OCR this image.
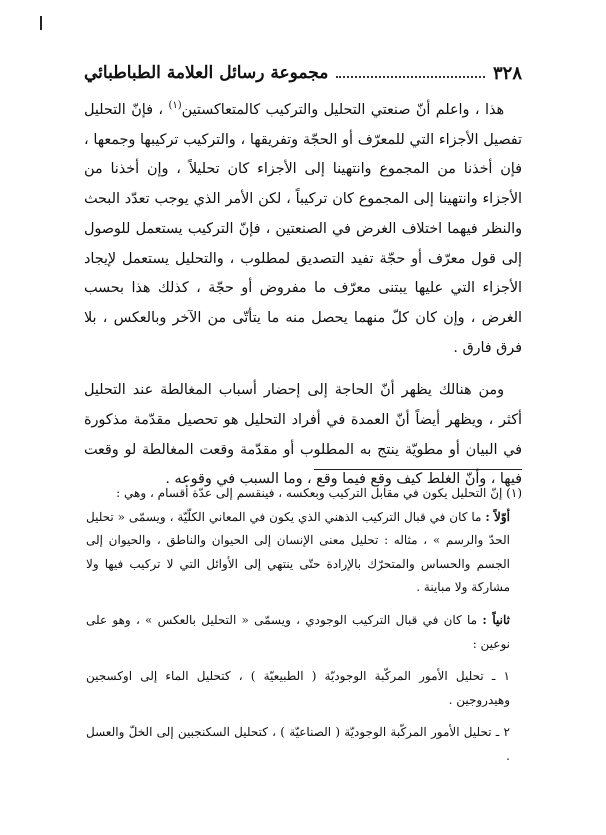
٣٢٨
مجموعة رسائل العلامة الطباطبائي

هذا ، واعلم أنّ صنعتي التحليل والتركيب كالمتعاكستين$^{(١)}$ ، فإنّ التحليل تفصيل الأجزاء التي للمعرّف أو الحجّة وتفريقها ، والتركيب تركيبها وجمعها ، فإن أخذنا من المجموع وانتهينا إلى الأجزاء كان تحليلاً ، وإن أخذنا من الأجزاء وانتهينا إلى المجموع كان تركيباً ، لكن الأمر الذي يوجب تعدّد البحث والنظر فيهما اختلاف الغرض في الصنعتين ، فإنّ التركيب يستعمل للوصول إلى قول معرّف أو حجّة تفيد التصديق لمطلوب ، والتحليل يستعمل لإيجاد الأجزاء التي عليها يبتنى معرّف ما مفروض أو حجّة ، كذلك هذا بحسب الغرض ، وإن كان كلّ منهما يحصل منه ما يتأتّى من الآخر وبالعكس ، بلا فرق فارق .

ومن هنالك يظهر أنّ الحاجة إلى إحضار أسباب المغالطة عند التحليل أكثر ، ويظهر أيضاً أنّ العمدة في أفراد التحليل هو تحصيل مقدّمة مذكورة في البيان أو مطويّة ينتج به المطلوب أو مقدّمة وقعت المغالطة لو وقعت فيها ، وأنّ الغلط كيف وقع فيما وقع ، وما السبب في وقوعه .

(١) إنّ التحليل يكون في مقابل التركيب وبعكسه ، فينقسم إلى عدّة أقسام ، وهي :

أوّلاً : ما كان في قبال التركيب الذهني الذي يكون في المعاني الكلّيّة ، ويسمّى « تحليل الحدّ والرسم » ، مثاله : تحليل معنى الإنسان إلى الحيوان والناطق ، والحيوان إلى الجسم والحساس والمتحرّك بالإرادة حتّى ينتهي إلى الأوائل التي لا تركيب فيها ولا مشاركة ولا مباينة .

ثانياً : ما كان في قبال التركيب الوجودي ، ويسمّى « التحليل بالعكس » ، وهو على نوعين :

١ ـ تحليل الأمور المركّبة الوجوديّة ( الطبيعيّة ) ، كتحليل الماء إلى اوكسجين وهيدروجين .

٢ ـ تحليل الأمور المركّبة الوجوديّة ( الصناعيّة ) ، كتحليل السكنجبين إلى الخلّ والعسل .
